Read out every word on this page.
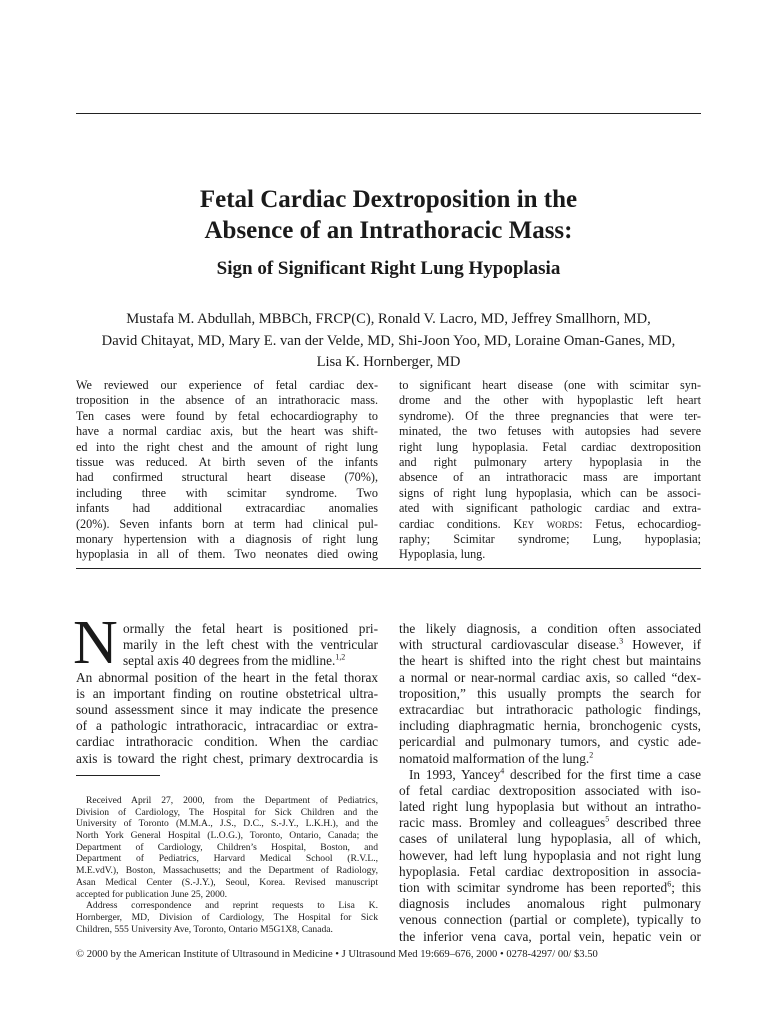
Fetal Cardiac Dextroposition in the
Absence of an Intrathoracic Mass:
Sign of Significant Right Lung Hypoplasia
Mustafa M. Abdullah, MBBCh, FRCP(C), Ronald V. Lacro, MD, Jeffrey Smallhorn, MD,
David Chitayat, MD, Mary E. van der Velde, MD, Shi-Joon Yoo, MD, Loraine Oman-Ganes, MD,
Lisa K. Hornberger, MD
We reviewed our experience of fetal cardiac dex-
troposition in the absence of an intrathoracic mass.
Ten cases were found by fetal echocardiography to
have a normal cardiac axis, but the heart was shift-
ed into the right chest and the amount of right lung
tissue was reduced. At birth seven of the infants
had confirmed structural heart disease (70%),
including three with scimitar syndrome. Two
infants had additional extracardiac anomalies
(20%). Seven infants born at term had clinical pul-
monary hypertension with a diagnosis of right lung
hypoplasia in all of them. Two neonates died owing
to significant heart disease (one with scimitar syn-
drome and the other with hypoplastic left heart
syndrome). Of the three pregnancies that were ter-
minated, the two fetuses with autopsies had severe
right lung hypoplasia. Fetal cardiac dextroposition
and right pulmonary artery hypoplasia in the
absence of an intrathoracic mass are important
signs of right lung hypoplasia, which can be associ-
ated with significant pathologic cardiac and extra-
cardiac conditions. Key words: Fetus, echocardiog-
raphy; Scimitar syndrome; Lung, hypoplasia;
Hypoplasia, lung.
N ormally the fetal heart is positioned pri-
marily in the left chest with the ventricular
septal axis 40 degrees from the midline.$^{1,2}$
An abnormal position of the heart in the fetal thorax
is an important finding on routine obstetrical ultra-
sound assessment since it may indicate the presence
of a pathologic intrathoracic, intracardiac or extra-
cardiac intrathoracic condition. When the cardiac
axis is toward the right chest, primary dextrocardia is
Received April 27, 2000, from the Department of Pediatrics,
Division of Cardiology, The Hospital for Sick Children and the
University of Toronto (M.M.A., J.S., D.C., S.-J.Y., L.K.H.), and the
North York General Hospital (L.O.G.), Toronto, Ontario, Canada; the
Department of Cardiology, Children’s Hospital, Boston, and
Department of Pediatrics, Harvard Medical School (R.V.L.,
M.E.vdV.), Boston, Massachusetts; and the Department of Radiology,
Asan Medical Center (S.-J.Y.), Seoul, Korea. Revised manuscript
accepted for publication June 25, 2000.
Address correspondence and reprint requests to Lisa K.
Hornberger, MD, Division of Cardiology, The Hospital for Sick
Children, 555 University Ave, Toronto, Ontario M5G1X8, Canada.
the likely diagnosis, a condition often associated
with structural cardiovascular disease.$^3$ However, if
the heart is shifted into the right chest but maintains
a normal or near-normal cardiac axis, so called “dex-
troposition,” this usually prompts the search for
extracardiac but intrathoracic pathologic findings,
including diaphragmatic hernia, bronchogenic cysts,
pericardial and pulmonary tumors, and cystic ade-
nomatoid malformation of the lung.$^2$
In 1993, Yancey$^4$ described for the first time a case
of fetal cardiac dextroposition associated with iso-
lated right lung hypoplasia but without an intratho-
racic mass. Bromley and colleagues$^5$ described three
cases of unilateral lung hypoplasia, all of which,
however, had left lung hypoplasia and not right lung
hypoplasia. Fetal cardiac dextroposition in associa-
tion with scimitar syndrome has been reported$^6$; this
diagnosis includes anomalous right pulmonary
venous connection (partial or complete), typically to
the inferior vena cava, portal vein, hepatic vein or
© 2000 by the American Institute of Ultrasound in Medicine • J Ultrasound Med 19:669–676, 2000 • 0278-4297/ 00/ $3.50
